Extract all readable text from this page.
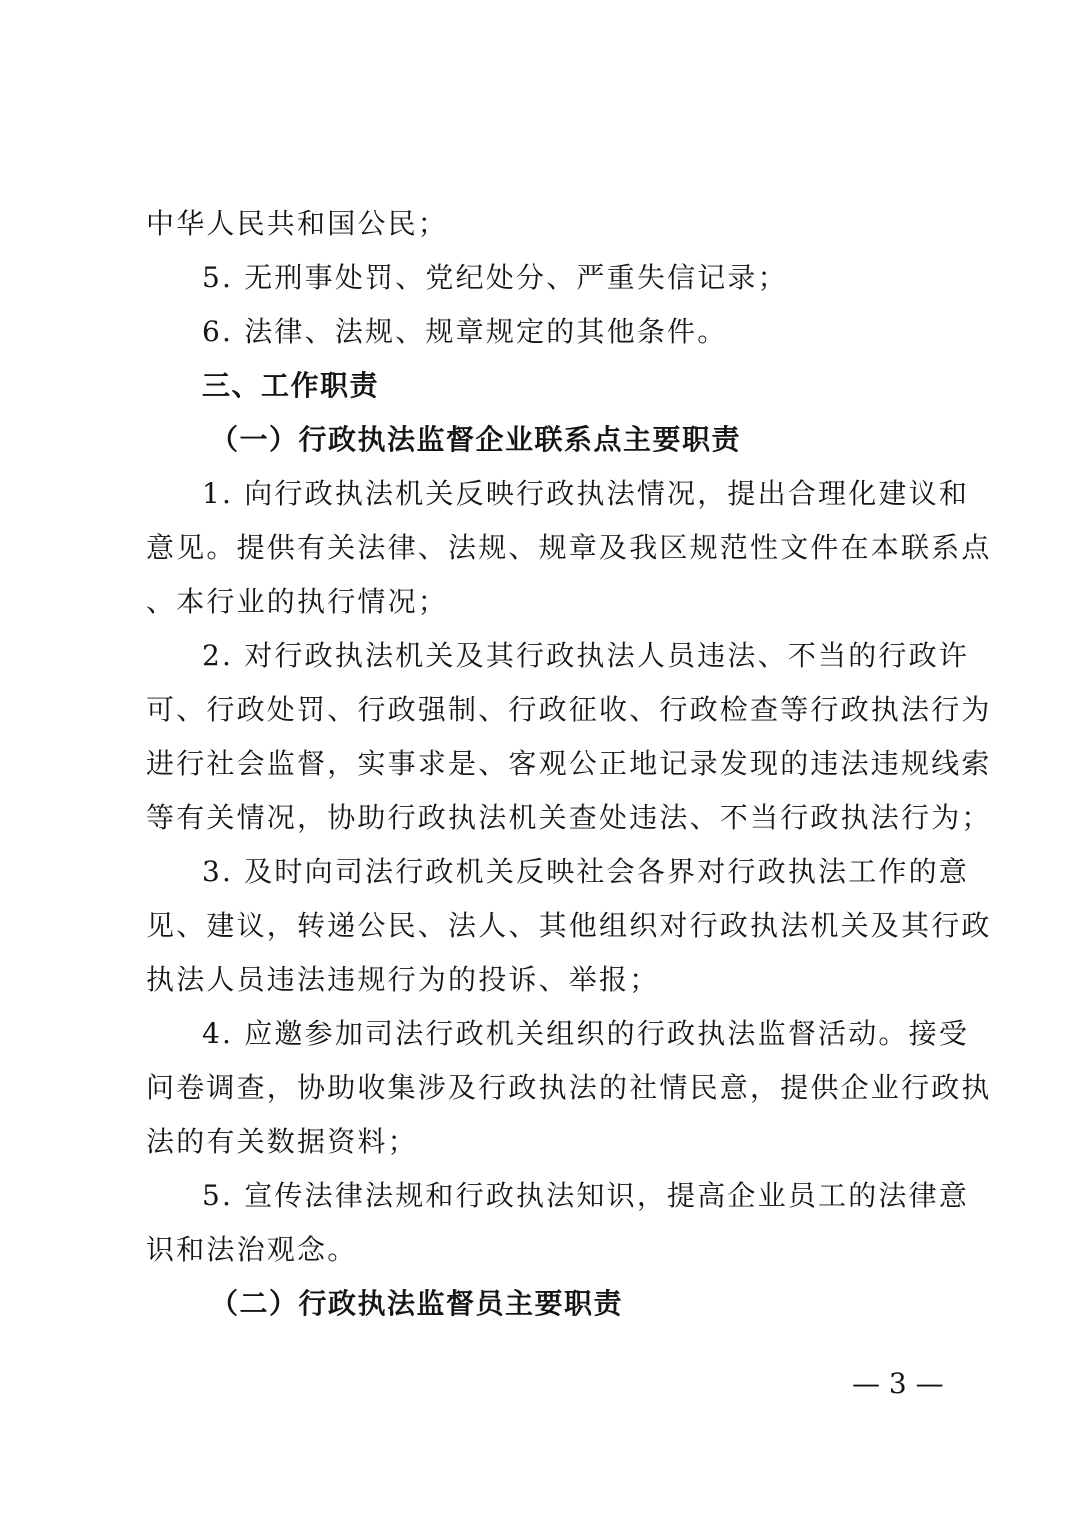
中华人民共和国公民；
5. 无刑事处罚、党纪处分、严重失信记录；
6. 法律、法规、规章规定的其他条件。
三、工作职责
（一）行政执法监督企业联系点主要职责
1. 向行政执法机关反映行政执法情况，提出合理化建议和
意见。提供有关法律、法规、规章及我区规范性文件在本联系点
、本行业的执行情况；
2. 对行政执法机关及其行政执法人员违法、不当的行政许
可、行政处罚、行政强制、行政征收、行政检查等行政执法行为
进行社会监督，实事求是、客观公正地记录发现的违法违规线索
等有关情况，协助行政执法机关查处违法、不当行政执法行为；
3. 及时向司法行政机关反映社会各界对行政执法工作的意
见、建议，转递公民、法人、其他组织对行政执法机关及其行政
执法人员违法违规行为的投诉、举报；
4. 应邀参加司法行政机关组织的行政执法监督活动。接受
问卷调查，协助收集涉及行政执法的社情民意，提供企业行政执
法的有关数据资料；
5. 宣传法律法规和行政执法知识，提高企业员工的法律意
识和法治观念。
（二）行政执法监督员主要职责
— 3 —
